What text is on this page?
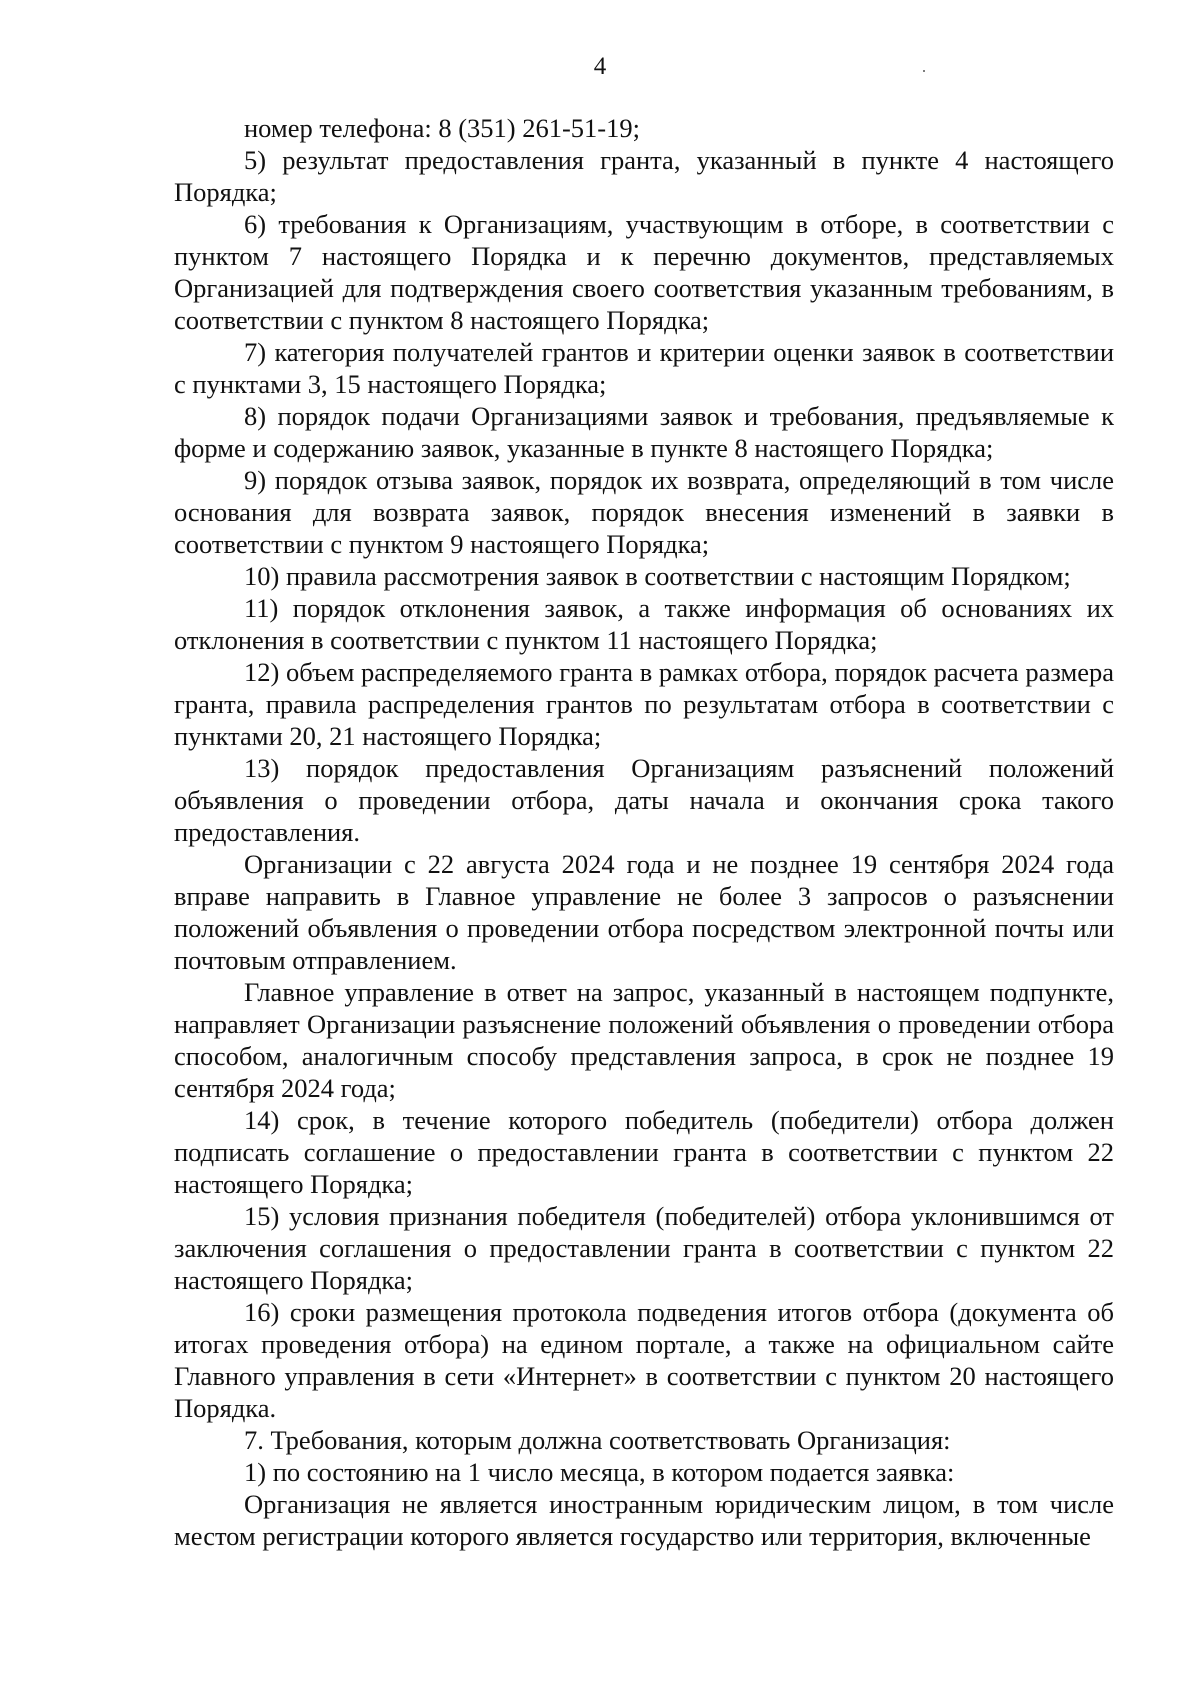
4

номер телефона: 8 (351) 261-51-19;

5) результат предоставления гранта, указанный в пункте 4 настоящего Порядка;

6) требования к Организациям, участвующим в отборе, в соответствии с пунктом 7 настоящего Порядка и к перечню документов, представляемых Организацией для подтверждения своего соответствия указанным требованиям, в соответствии с пунктом 8 настоящего Порядка;

7) категория получателей грантов и критерии оценки заявок в соответствии с пунктами 3, 15 настоящего Порядка;

8) порядок подачи Организациями заявок и требования, предъявляемые к форме и содержанию заявок, указанные в пункте 8 настоящего Порядка;

9) порядок отзыва заявок, порядок их возврата, определяющий в том числе основания для возврата заявок, порядок внесения изменений в заявки в соответствии с пунктом 9 настоящего Порядка;

10) правила рассмотрения заявок в соответствии с настоящим Порядком;

11) порядок отклонения заявок, а также информация об основаниях их отклонения в соответствии с пунктом 11 настоящего Порядка;

12) объем распределяемого гранта в рамках отбора, порядок расчета размера гранта, правила распределения грантов по результатам отбора в соответствии с пунктами 20, 21 настоящего Порядка;

13) порядок предоставления Организациям разъяснений положений объявления о проведении отбора, даты начала и окончания срока такого предоставления.

Организации с 22 августа 2024 года и не позднее 19 сентября 2024 года вправе направить в Главное управление не более 3 запросов о разъяснении положений объявления о проведении отбора посредством электронной почты или почтовым отправлением.

Главное управление в ответ на запрос, указанный в настоящем подпункте, направляет Организации разъяснение положений объявления о проведении отбора способом, аналогичным способу представления запроса, в срок не позднее 19 сентября 2024 года;

14) срок, в течение которого победитель (победители) отбора должен подписать соглашение о предоставлении гранта в соответствии с пунктом 22 настоящего Порядка;

15) условия признания победителя (победителей) отбора уклонившимся от заключения соглашения о предоставлении гранта в соответствии с пунктом 22 настоящего Порядка;

16) сроки размещения протокола подведения итогов отбора (документа об итогах проведения отбора) на едином портале, а также на официальном сайте Главного управления в сети «Интернет» в соответствии с пунктом 20 настоящего Порядка.

7. Требования, которым должна соответствовать Организация:

1) по состоянию на 1 число месяца, в котором подается заявка:

Организация не является иностранным юридическим лицом, в том числе местом регистрации которого является государство или территория, включенные
